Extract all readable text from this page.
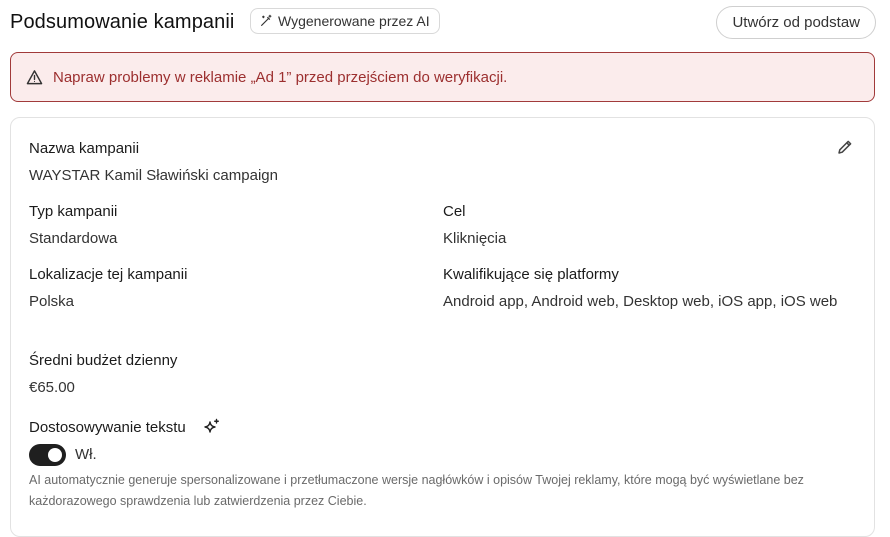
Podsumowanie kampanii	Wygenerowane przez AI	Utwórz od podstaw
Napraw problemy w reklamie „Ad 1” przed przejściem do weryfikacji.
Nazwa kampanii
WAYSTAR Kamil Sławiński campaign
Typ kampanii
Standardowa
Cel
Kliknięcia
Lokalizacje tej kampanii
Polska
Kwalifikujące się platformy
Android app, Android web, Desktop web, iOS app, iOS web
Średni budżet dzienny
€65.00
Dostosowywanie tekstu
Wł.
AI automatycznie generuje spersonalizowane i przetłumaczone wersje nagłówków i opisów Twojej reklamy, które mogą być wyświetlane bez każdorazowego sprawdzenia lub zatwierdzenia przez Ciebie.
